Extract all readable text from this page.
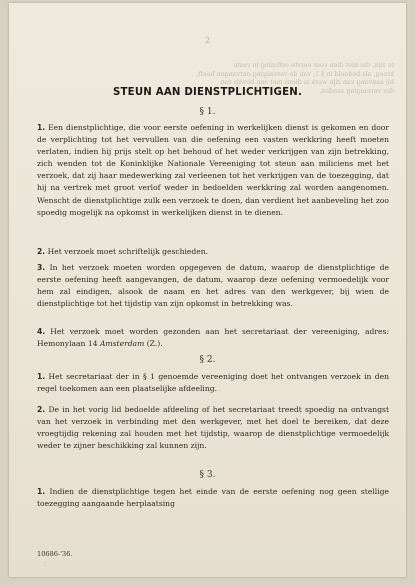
te zijn, die niet dien voor eerste oefening in vaste
kreeg, als bedoeld in § 1, van de vereniging ontvangen heeft,
bij aanvang van zijn werk is diens met een bewijs van
der vereniging zenden.
2
STEUN AAN DIENSTPLICHTIGEN.
§ 1.

1. Een dienstplichtige, die voor eerste oefening in werkelijken dienst is gekomen en door de verplichting tot het vervullen van die oefening een vasten werkkring heeft moeten verlaten, indien hij prijs stelt op het behoud of het weder verkrijgen van zijn betrekking, zich wenden tot de Koninklijke Nationale Vereeniging tot steun aan miliciens met het verzoek, dat zij haar medewerking zal verleenen tot het verkrijgen van de toezegging, dat hij na vertrek met groot verlof weder in bedoelden werkkring zal worden aangenomen. Wenscht de dienstplichtige zulk een verzoek te doen, dan verdient het aanbeveling het zoo spoedig mogelijk na opkomst in werkelijken dienst in te dienen.

2. Het verzoek moet schriftelijk geschieden.

3. In het verzoek moeten worden opgegeven de datum, waarop de dienstplichtige de eerste oefening heeft aangevangen, de datum, waarop deze oefening vermoedelijk voor hem zal eindigen, alsook de naam en het adres van den werkgever, bij wien de dienstplichtige tot het tijdstip van zijn opkomst in betrekking was.

4. Het verzoek moet worden gezonden aan het secretariaat der vereeniging, adres: Hemonylaan 14 Amsterdam (Z.).

§ 2.

1. Het secretariaat der in § 1 genoemde vereeniging doet het ontvangen verzoek in den regel toekomen aan een plaatselijke afdeeling.

2. De in het vorig lid bedoelde afdeeling of het secretariaat treedt spoedig na ontvangst van het verzoek in verbinding met den werkgever, met het doel te bereiken, dat deze vroegtijdig rekening zal houden met het tijdstip, waarop de dienstplichtige vermoedelijk weder te zijner beschikking zal kunnen zijn.

§ 3.

1. Indien de dienstplichtige tegen het einde van de eerste oefening nog geen stellige toezegging aangaande herplaatsing

10686-'36.
E
